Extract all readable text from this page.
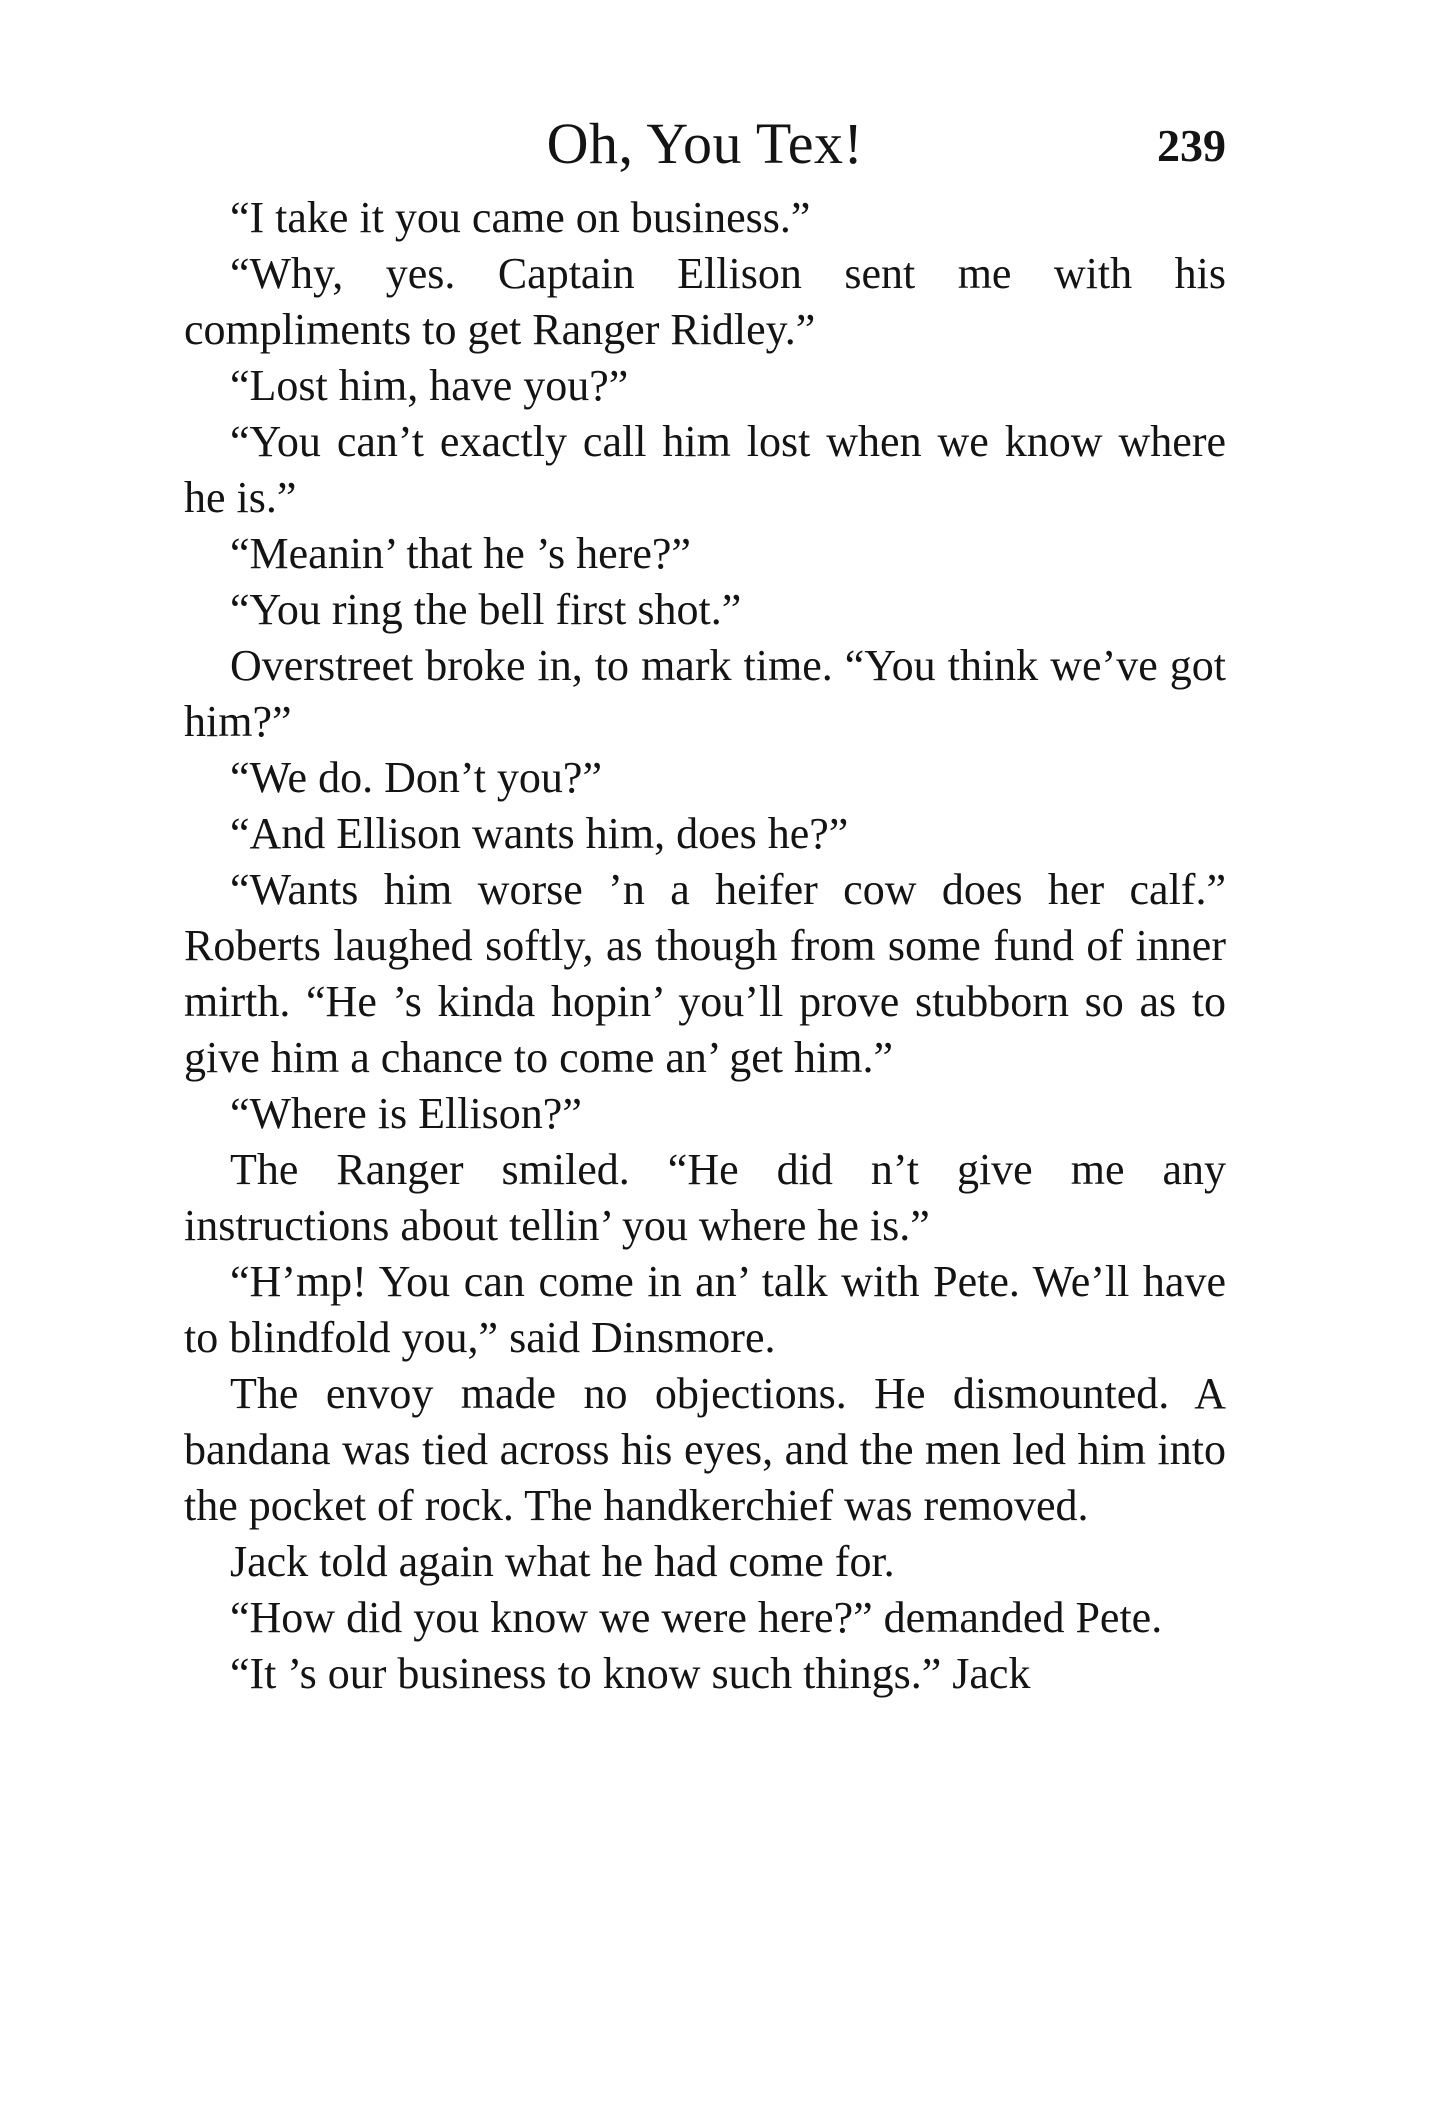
Oh, You Tex!	239

“I take it you came on business.”

“Why, yes. Captain Ellison sent me with his compliments to get Ranger Ridley.”

“Lost him, have you?”

“You can’t exactly call him lost when we know where he is.”

“Meanin’ that he ’s here?”

“You ring the bell first shot.”

Overstreet broke in, to mark time. “You think we’ve got him?”

“We do. Don’t you?”

“And Ellison wants him, does he?”

“Wants him worse ’n a heifer cow does her calf.” Roberts laughed softly, as though from some fund of inner mirth. “He ’s kinda hopin’ you’ll prove stubborn so as to give him a chance to come an’ get him.”

“Where is Ellison?”

The Ranger smiled. “He did n’t give me any instructions about tellin’ you where he is.”

“H’mp! You can come in an’ talk with Pete. We’ll have to blindfold you,” said Dinsmore.

The envoy made no objections. He dismounted. A bandana was tied across his eyes, and the men led him into the pocket of rock. The handkerchief was removed.

Jack told again what he had come for.

“How did you know we were here?” demanded Pete.

“It ’s our business to know such things.” Jack
